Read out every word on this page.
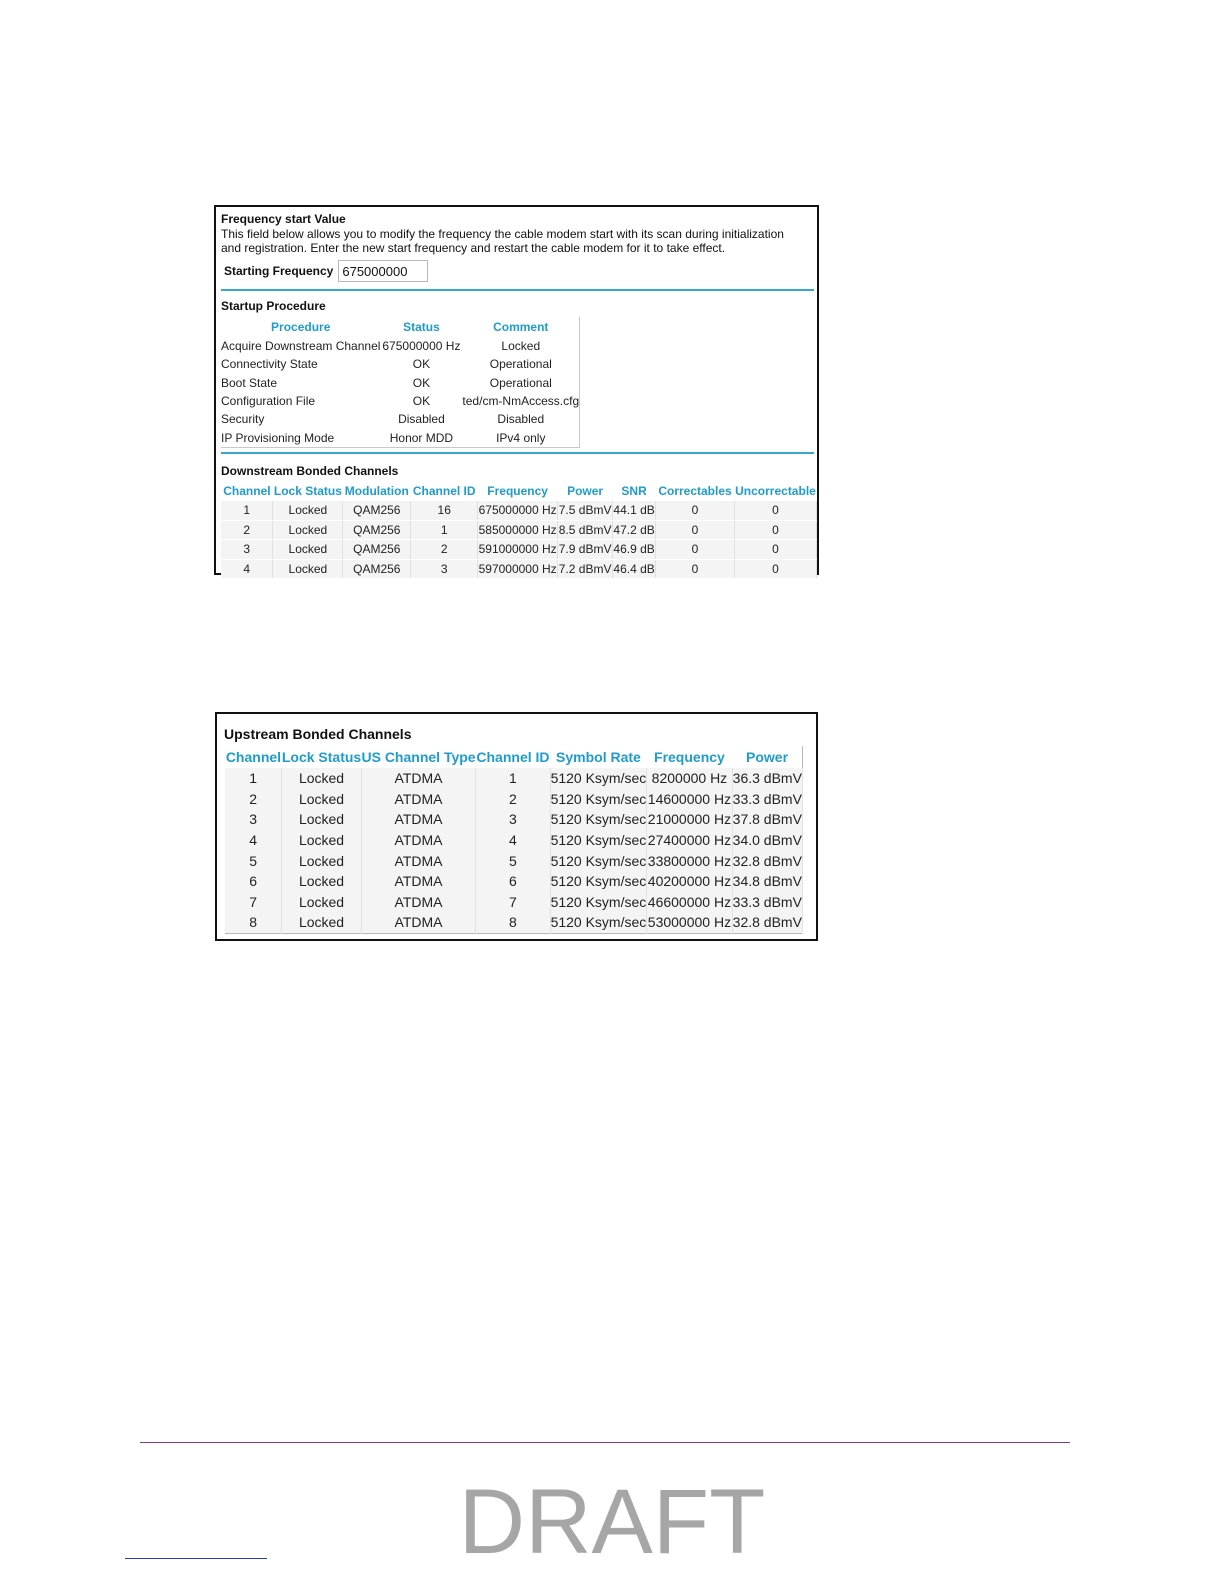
Frequency start Value
This field below allows you to modify the frequency the cable modem start with its scan during initialization and registration. Enter the new start frequency and restart the cable modem for it to take effect.
Starting Frequency
675000000
Startup Procedure
Procedure	Status	Comment
Acquire Downstream Channel	675000000 Hz	Locked
Connectivity State	OK	Operational
Boot State	OK	Operational
Configuration File	OK	ted/cm-NmAccess.cfg
Security	Disabled	Disabled
IP Provisioning Mode	Honor MDD	IPv4 only
Downstream Bonded Channels
Channel	Lock Status	Modulation	Channel ID	Frequency	Power	SNR	Correctables	Uncorrectable
1	Locked	QAM256	16	675000000 Hz	7.5 dBmV	44.1 dB	0	0
2	Locked	QAM256	1	585000000 Hz	8.5 dBmV	47.2 dB	0	0
3	Locked	QAM256	2	591000000 Hz	7.9 dBmV	46.9 dB	0	0
4	Locked	QAM256	3	597000000 Hz	7.2 dBmV	46.4 dB	0	0
Upstream Bonded Channels
Channel	Lock Status	US Channel Type	Channel ID	Symbol Rate	Frequency	Power
1	Locked	ATDMA	1	5120 Ksym/sec	8200000 Hz	36.3 dBmV
2	Locked	ATDMA	2	5120 Ksym/sec	14600000 Hz	33.3 dBmV
3	Locked	ATDMA	3	5120 Ksym/sec	21000000 Hz	37.8 dBmV
4	Locked	ATDMA	4	5120 Ksym/sec	27400000 Hz	34.0 dBmV
5	Locked	ATDMA	5	5120 Ksym/sec	33800000 Hz	32.8 dBmV
6	Locked	ATDMA	6	5120 Ksym/sec	40200000 Hz	34.8 dBmV
7	Locked	ATDMA	7	5120 Ksym/sec	46600000 Hz	33.3 dBmV
8	Locked	ATDMA	8	5120 Ksym/sec	53000000 Hz	32.8 dBmV
DRAFT
